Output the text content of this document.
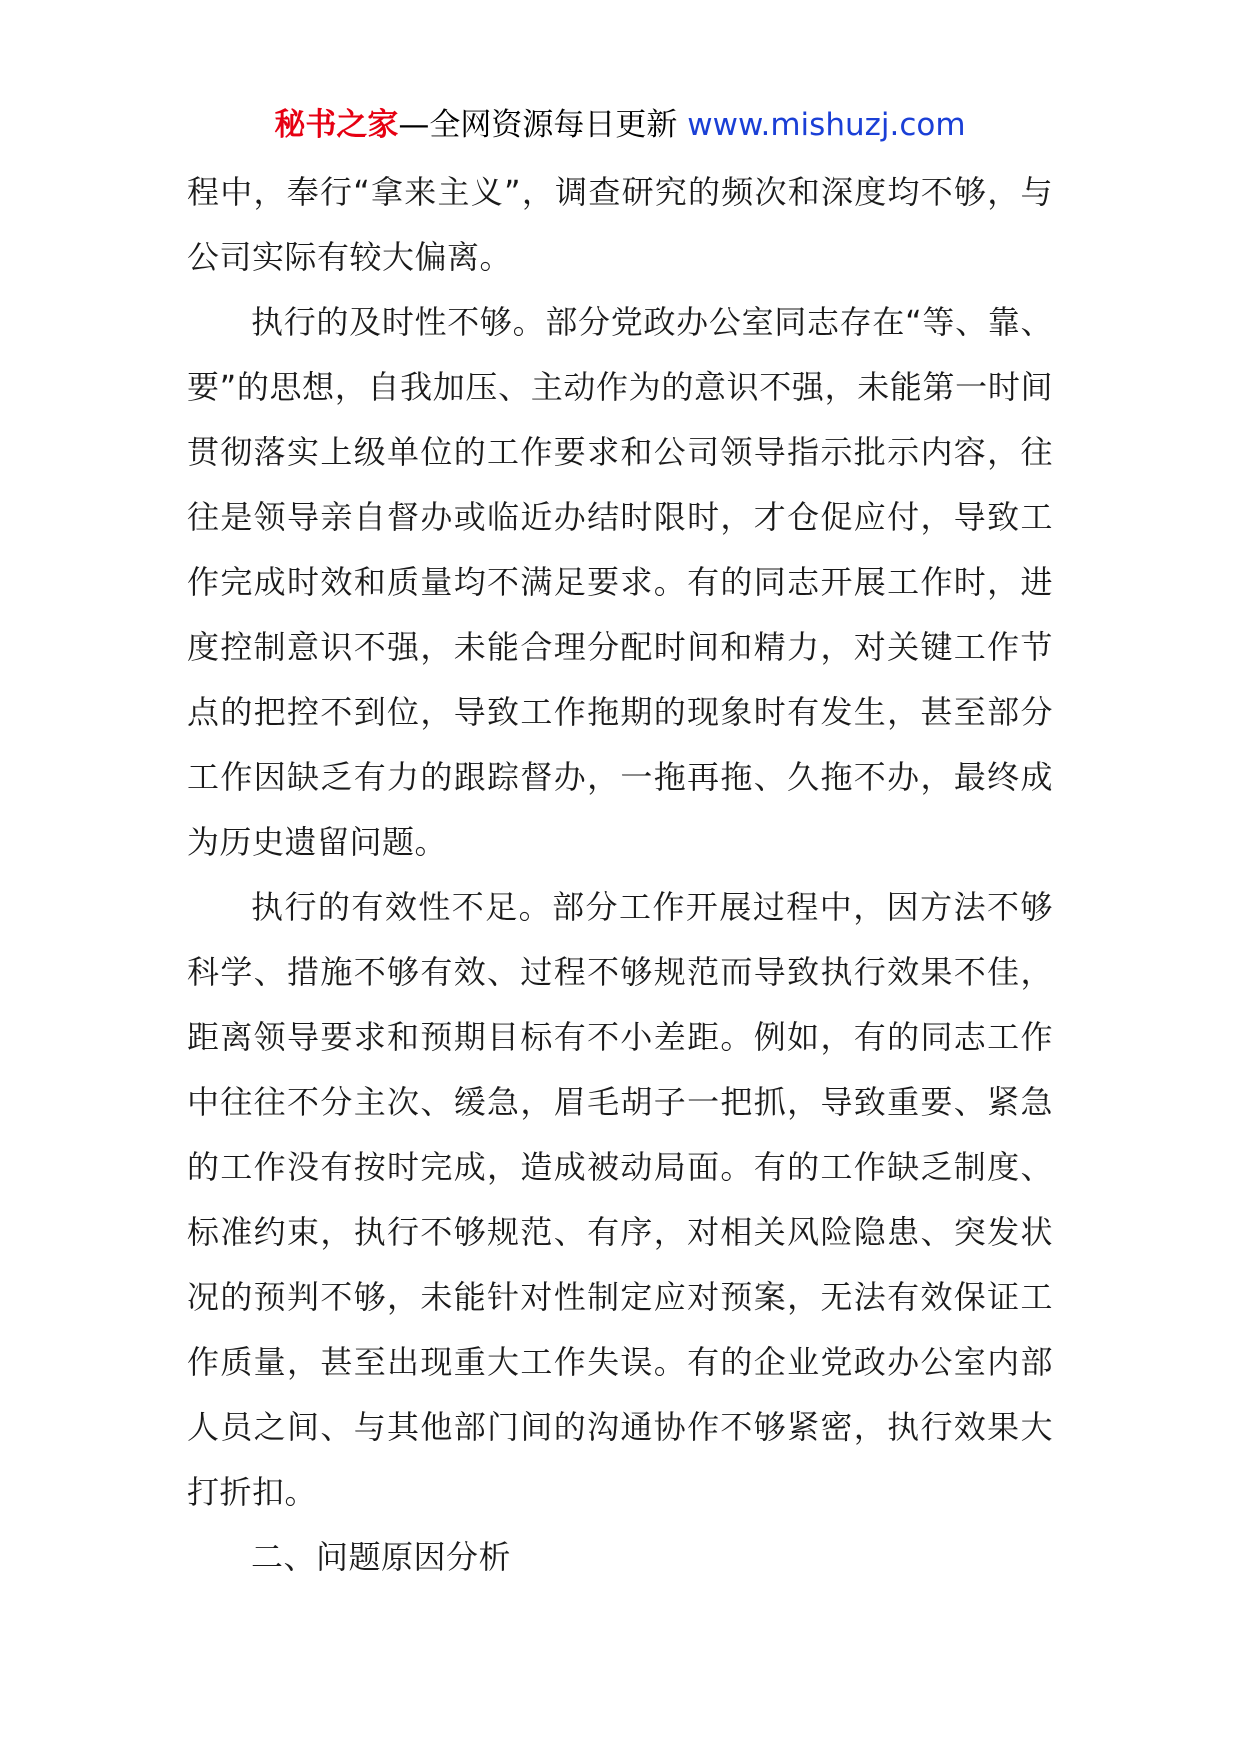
秘书之家—全网资源每日更新 www.mishuzj.com

程中，奉行“拿来主义”，调查研究的频次和深度均不够，与公司实际有较大偏离。

执行的及时性不够。部分党政办公室同志存在“等、靠、要”的思想，自我加压、主动作为的意识不强，未能第一时间贯彻落实上级单位的工作要求和公司领导指示批示内容，往往是领导亲自督办或临近办结时限时，才仓促应付，导致工作完成时效和质量均不满足要求。有的同志开展工作时，进度控制意识不强，未能合理分配时间和精力，对关键工作节点的把控不到位，导致工作拖期的现象时有发生，甚至部分工作因缺乏有力的跟踪督办，一拖再拖、久拖不办，最终成为历史遗留问题。

执行的有效性不足。部分工作开展过程中，因方法不够科学、措施不够有效、过程不够规范而导致执行效果不佳，距离领导要求和预期目标有不小差距。例如，有的同志工作中往往不分主次、缓急，眉毛胡子一把抓，导致重要、紧急的工作没有按时完成，造成被动局面。有的工作缺乏制度、标准约束，执行不够规范、有序，对相关风险隐患、突发状况的预判不够，未能针对性制定应对预案，无法有效保证工作质量，甚至出现重大工作失误。有的企业党政办公室内部人员之间、与其他部门间的沟通协作不够紧密，执行效果大打折扣。

二、问题原因分析
